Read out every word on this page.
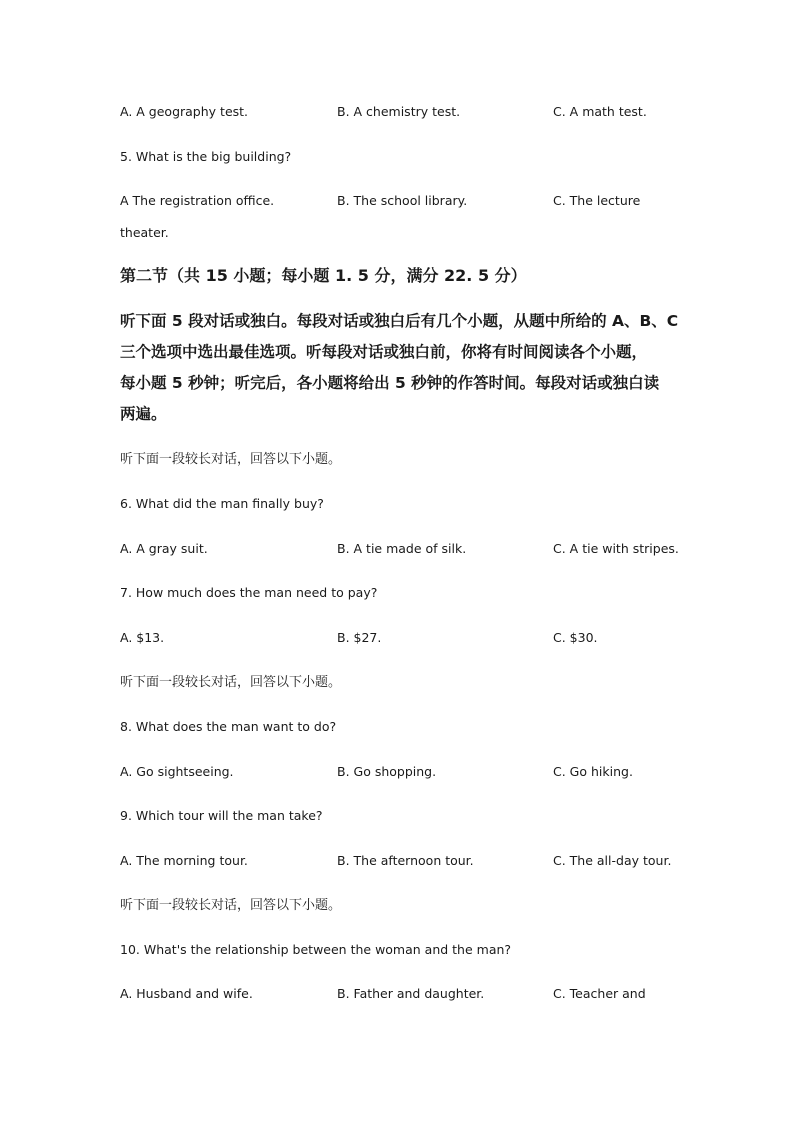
A. A geography test.	B. A chemistry test.	C. A math test.
5. What is the big building?
A The registration office.	B. The school library.	C. The lecture
theater.
第二节（共 15 小题；每小题 1. 5 分，满分 22. 5 分）
听下面 5 段对话或独白。每段对话或独白后有几个小题，从题中所给的 A、B、C
三个选项中选出最佳选项。听每段对话或独白前，你将有时间阅读各个小题，
每小题 5 秒钟；听完后，各小题将给出 5 秒钟的作答时间。每段对话或独白读
两遍。
听下面一段较长对话，回答以下小题。
6. What did the man finally buy?
A. A gray suit.	B. A tie made of silk.	C. A tie with stripes.
7. How much does the man need to pay?
A. $13.	B. $27.	C. $30.
听下面一段较长对话，回答以下小题。
8. What does the man want to do?
A. Go sightseeing.	B. Go shopping.	C. Go hiking.
9. Which tour will the man take?
A. The morning tour.	B. The afternoon tour.	C. The all-day tour.
听下面一段较长对话，回答以下小题。
10. What's the relationship between the woman and the man?
A. Husband and wife.	B. Father and daughter.	C. Teacher and
